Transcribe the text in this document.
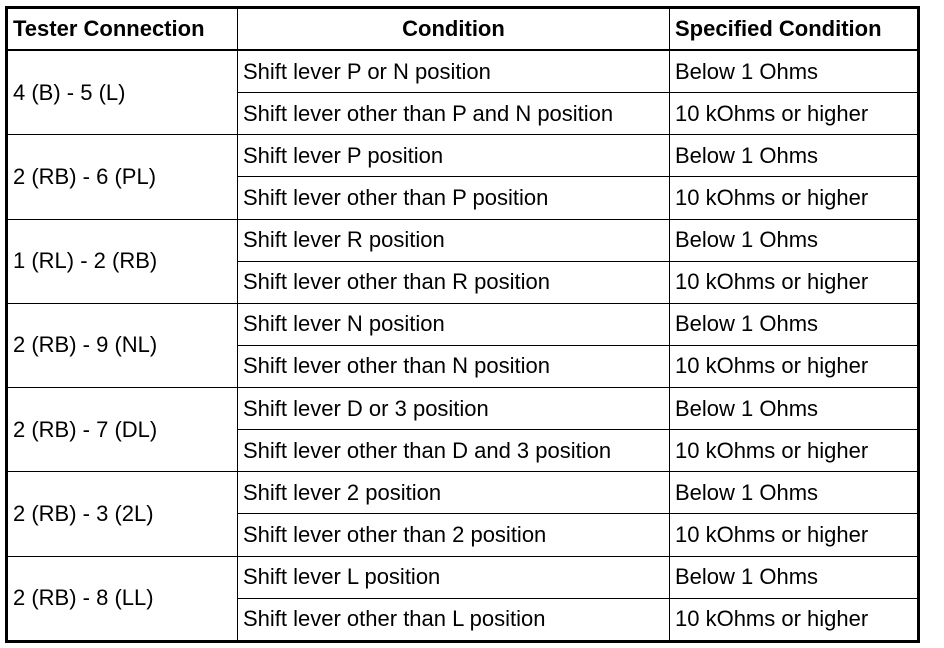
Tester Connection	Condition	Specified Condition
4 (B) - 5 (L)	Shift lever P or N position	Below 1 Ohms
	Shift lever other than P and N position	10 kOhms or higher
2 (RB) - 6 (PL)	Shift lever P position	Below 1 Ohms
	Shift lever other than P position	10 kOhms or higher
1 (RL) - 2 (RB)	Shift lever R position	Below 1 Ohms
	Shift lever other than R position	10 kOhms or higher
2 (RB) - 9 (NL)	Shift lever N position	Below 1 Ohms
	Shift lever other than N position	10 kOhms or higher
2 (RB) - 7 (DL)	Shift lever D or 3 position	Below 1 Ohms
	Shift lever other than D and 3 position	10 kOhms or higher
2 (RB) - 3 (2L)	Shift lever 2 position	Below 1 Ohms
	Shift lever other than 2 position	10 kOhms or higher
2 (RB) - 8 (LL)	Shift lever L position	Below 1 Ohms
	Shift lever other than L position	10 kOhms or higher
